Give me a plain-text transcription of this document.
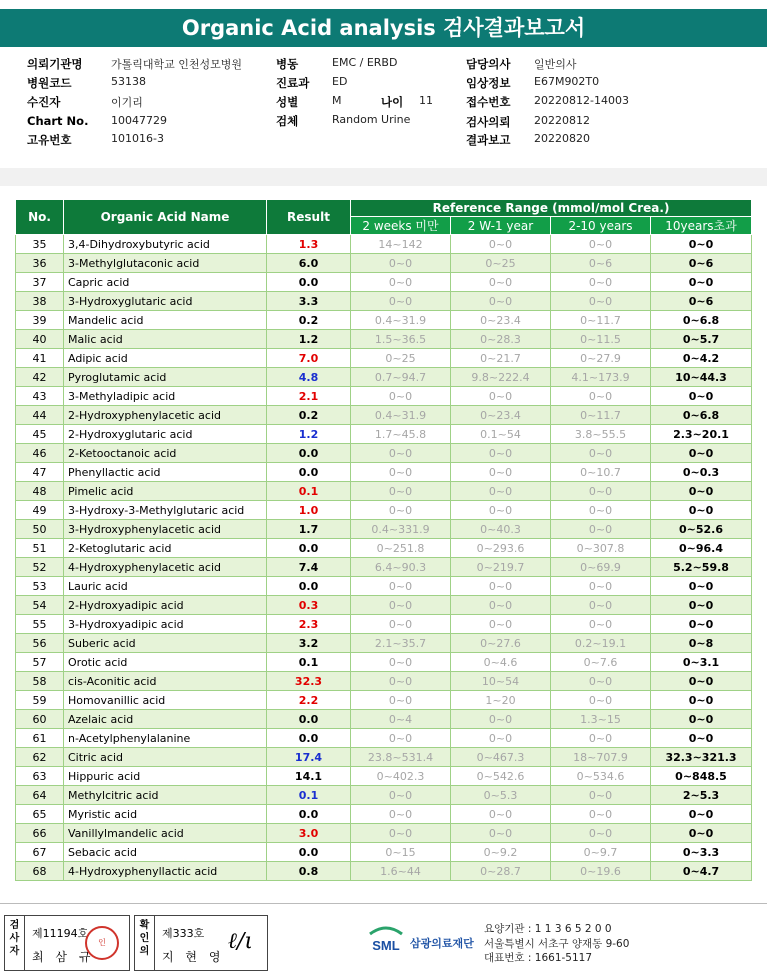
Organic Acid analysis 검사결과보고서
의뢰기관명	가톨릭대학교 인천성모병원
병원코드	53138
수진자	이기리
Chart No. 10047729
고유번호	101016-3
병동	EMC / ERBD
진료과 ED
성별	M	나이 11
검체	Random Urine
담당의사 일반의사
임상정보 E67M902T0
접수번호 20220812-14003
검사의뢰 20220812
결과보고 20220820
No.	Organic Acid Name	Result	Reference Range (mmol/mol Crea.)			
			2 weeks 미만	2 W-1 year	2-10 years	10years초과
35	3,4-Dihydroxybutyric acid	1.3	14~142	0~0	0~0	0~0
36	3-Methylglutaconic acid	6.0	0~0	0~25	0~6	0~6
37	Capric acid	0.0	0~0	0~0	0~0	0~0
38	3-Hydroxyglutaric acid	3.3	0~0	0~0	0~0	0~6
39	Mandelic acid	0.2	0.4~31.9	0~23.4	0~11.7	0~6.8
40	Malic acid	1.2	1.5~36.5	0~28.3	0~11.5	0~5.7
41	Adipic acid	7.0	0~25	0~21.7	0~27.9	0~4.2
42	Pyroglutamic acid	4.8	0.7~94.7	9.8~222.4	4.1~173.9	10~44.3
43	3-Methyladipic acid	2.1	0~0	0~0	0~0	0~0
44	2-Hydroxyphenylacetic acid	0.2	0.4~31.9	0~23.4	0~11.7	0~6.8
45	2-Hydroxyglutaric acid	1.2	1.7~45.8	0.1~54	3.8~55.5	2.3~20.1
46	2-Ketooctanoic acid	0.0	0~0	0~0	0~0	0~0
47	Phenyllactic acid	0.0	0~0	0~0	0~10.7	0~0.3
48	Pimelic acid	0.1	0~0	0~0	0~0	0~0
49	3-Hydroxy-3-Methylglutaric acid	1.0	0~0	0~0	0~0	0~0
50	3-Hydroxyphenylacetic acid	1.7	0.4~331.9	0~40.3	0~0	0~52.6
51	2-Ketoglutaric acid	0.0	0~251.8	0~293.6	0~307.8	0~96.4
52	4-Hydroxyphenylacetic acid	7.4	6.4~90.3	0~219.7	0~69.9	5.2~59.8
53	Lauric acid	0.0	0~0	0~0	0~0	0~0
54	2-Hydroxyadipic acid	0.3	0~0	0~0	0~0	0~0
55	3-Hydroxyadipic acid	2.3	0~0	0~0	0~0	0~0
56	Suberic acid	3.2	2.1~35.7	0~27.6	0.2~19.1	0~8
57	Orotic acid	0.1	0~0	0~4.6	0~7.6	0~3.1
58	cis-Aconitic acid	32.3	0~0	10~54	0~0	0~0
59	Homovanillic acid	2.2	0~0	1~20	0~0	0~0
60	Azelaic acid	0.0	0~4	0~0	1.3~15	0~0
61	n-Acetylphenylalanine	0.0	0~0	0~0	0~0	0~0
62	Citric acid	17.4	23.8~531.4	0~467.3	18~707.9	32.3~321.3
63	Hippuric acid	14.1	0~402.3	0~542.6	0~534.6	0~848.5
64	Methylcitric acid	0.1	0~0	0~5.3	0~0	2~5.3
65	Myristic acid	0.0	0~0	0~0	0~0	0~0
66	Vanillylmandelic acid	3.0	0~0	0~0	0~0	0~0
67	Sebacic acid	0.0	0~15	0~9.2	0~9.7	0~3.3
68	4-Hydroxyphenyllactic acid	0.8	1.6~44	0~28.7	0~19.6	0~4.7
검사자
제11194호
최 삼 규
인
확인의
제333호
지 현 영
ℓ∕ι	SML 삼광의료재단
요양기관 : 1 1 3 6 5 2 0 0
서울특별시 서초구 양재동 9-60
대표번호 : 1661-5117
